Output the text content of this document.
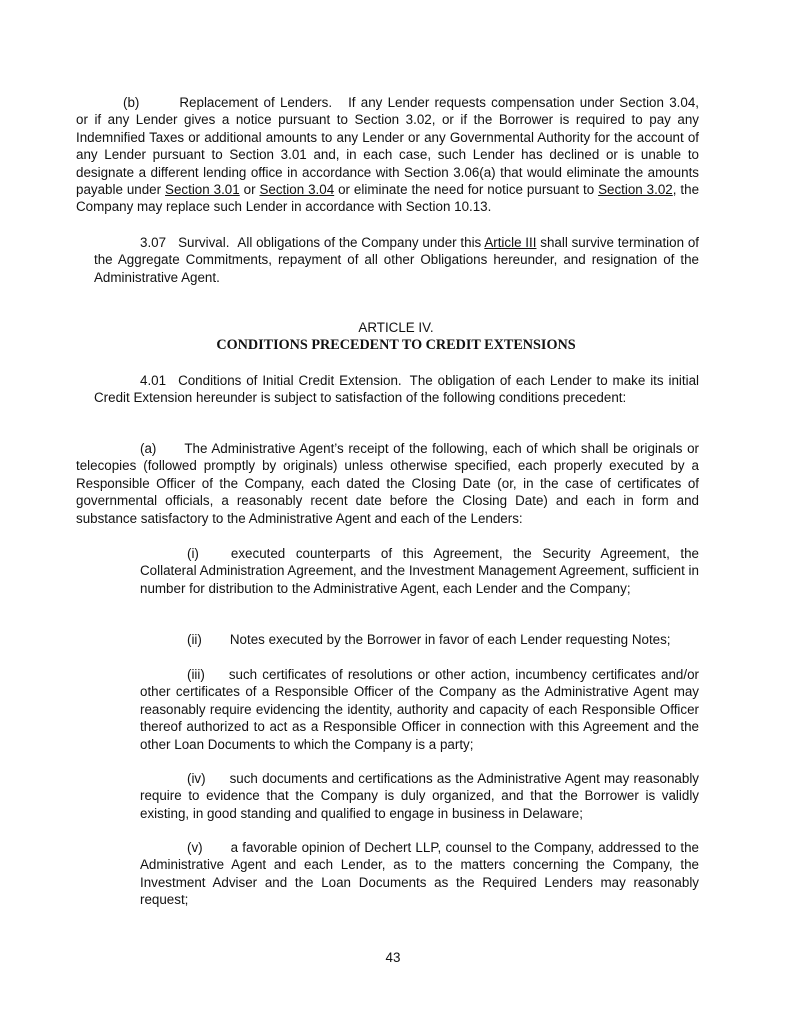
(b)	Replacement of Lenders. If any Lender requests compensation under Section 3.04, or if any Lender gives a notice pursuant to Section 3.02, or if the Borrower is required to pay any Indemnified Taxes or additional amounts to any Lender or any Governmental Authority for the account of any Lender pursuant to Section 3.01 and, in each case, such Lender has declined or is unable to designate a different lending office in accordance with Section 3.06(a) that would eliminate the amounts payable under Section 3.01 or Section 3.04 or eliminate the need for notice pursuant to Section 3.02, the Company may replace such Lender in accordance with Section 10.13.

3.07 Survival. All obligations of the Company under this Article III shall survive termination of the Aggregate Commitments, repayment of all other Obligations hereunder, and resignation of the Administrative Agent.

ARTICLE IV.
CONDITIONS PRECEDENT TO CREDIT EXTENSIONS

4.01 Conditions of Initial Credit Extension. The obligation of each Lender to make its initial Credit Extension hereunder is subject to satisfaction of the following conditions precedent:

(a) The Administrative Agent’s receipt of the following, each of which shall be originals or telecopies (followed promptly by originals) unless otherwise specified, each properly executed by a Responsible Officer of the Company, each dated the Closing Date (or, in the case of certificates of governmental officials, a reasonably recent date before the Closing Date) and each in form and substance satisfactory to the Administrative Agent and each of the Lenders:

(i) executed counterparts of this Agreement, the Security Agreement, the Collateral Administration Agreement, and the Investment Management Agreement, sufficient in number for distribution to the Administrative Agent, each Lender and the Company;

(ii) Notes executed by the Borrower in favor of each Lender requesting Notes;

(iii) such certificates of resolutions or other action, incumbency certificates and/or other certificates of a Responsible Officer of the Company as the Administrative Agent may reasonably require evidencing the identity, authority and capacity of each Responsible Officer thereof authorized to act as a Responsible Officer in connection with this Agreement and the other Loan Documents to which the Company is a party;

(iv) such documents and certifications as the Administrative Agent may reasonably require to evidence that the Company is duly organized, and that the Borrower is validly existing, in good standing and qualified to engage in business in Delaware;

(v) a favorable opinion of Dechert LLP, counsel to the Company, addressed to the Administrative Agent and each Lender, as to the matters concerning the Company, the Investment Adviser and the Loan Documents as the Required Lenders may reasonably request;

43
